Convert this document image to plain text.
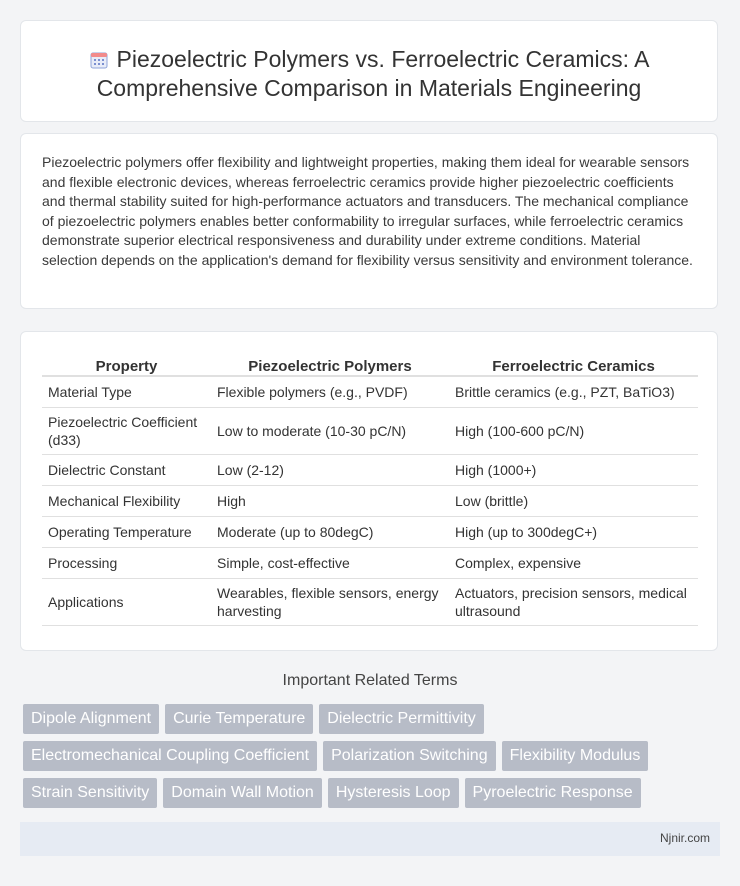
Piezoelectric Polymers vs. Ferroelectric Ceramics: A Comprehensive Comparison in Materials Engineering

Piezoelectric polymers offer flexibility and lightweight properties, making them ideal for wearable sensors and flexible electronic devices, whereas ferroelectric ceramics provide higher piezoelectric coefficients and thermal stability suited for high-performance actuators and transducers. The mechanical compliance of piezoelectric polymers enables better conformability to irregular surfaces, while ferroelectric ceramics demonstrate superior electrical responsiveness and durability under extreme conditions. Material selection depends on the application's demand for flexibility versus sensitivity and environment tolerance.

Property	Piezoelectric Polymers	Ferroelectric Ceramics
Material Type	Flexible polymers (e.g., PVDF)	Brittle ceramics (e.g., PZT, BaTiO3)
Piezoelectric Coefficient (d33)	Low to moderate (10-30 pC/N)	High (100-600 pC/N)
Dielectric Constant	Low (2-12)	High (1000+)
Mechanical Flexibility	High	Low (brittle)
Operating Temperature	Moderate (up to 80degC)	High (up to 300degC+)
Processing	Simple, cost-effective	Complex, expensive
Applications	Wearables, flexible sensors, energy harvesting	Actuators, precision sensors, medical ultrasound
Important Related Terms
Dipole Alignment	Curie Temperature	Dielectric Permittivity
Electromechanical Coupling Coefficient	Polarization Switching	Flexibility Modulus
Strain Sensitivity	Domain Wall Motion	Hysteresis Loop	Pyroelectric Response
Njnir.com
